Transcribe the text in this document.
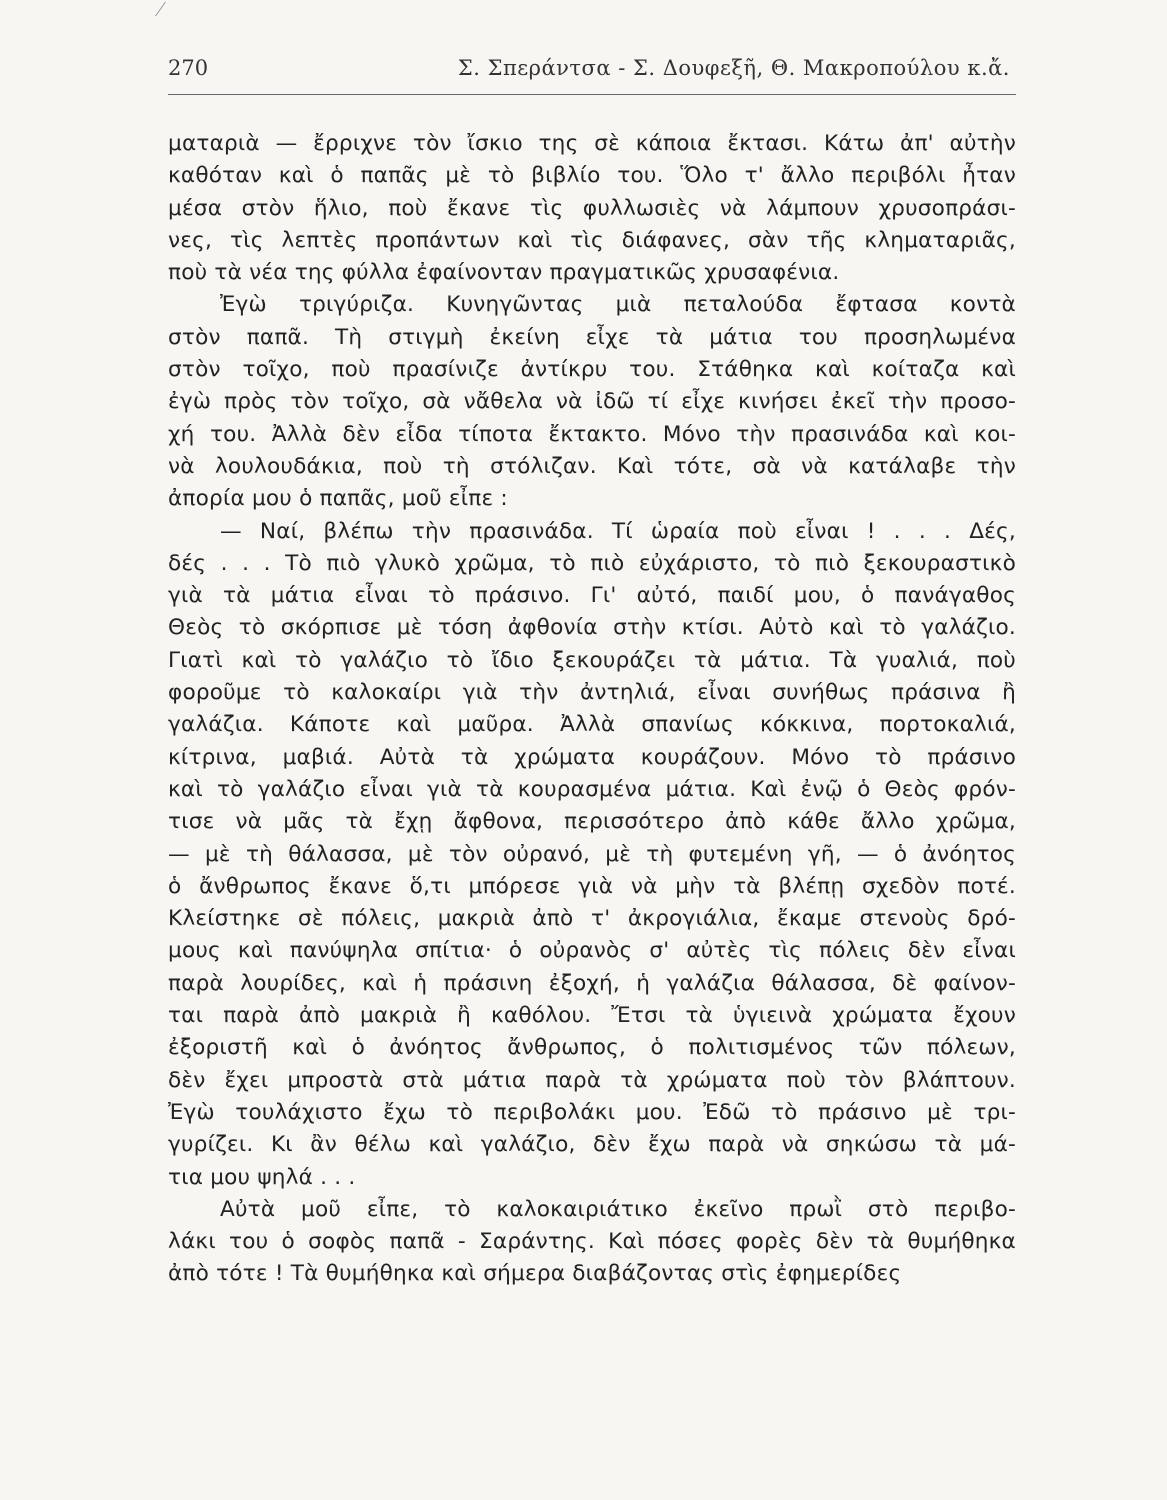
270	Σ. Σπεράντσα - Σ. Δουφεξῆ, Θ. Μακροπούλου κ.ἄ.
ματαριὰ — ἔρριχνε τὸν ἴσκιο της σὲ κάποια ἔκτασι. Κάτω ἀπ' αὐτὴν
καθόταν καὶ ὁ παπᾶς μὲ τὸ βιβλίο του. Ὅλο τ' ἄλλο περιβόλι ἦταν
μέσα στὸν ἥλιο, ποὺ ἔκανε τὶς φυλλωσιὲς νὰ λάμπουν χρυσοπράσι-
νες, τὶς λεπτὲς προπάντων καὶ τὶς διάφανες, σὰν τῆς κληματαριᾶς,
ποὺ τὰ νέα της φύλλα ἐφαίνονταν πραγματικῶς χρυσαφένια.
Ἐγὼ τριγύριζα. Κυνηγῶντας μιὰ πεταλούδα ἔφτασα κοντὰ
στὸν παπᾶ. Τὴ στιγμὴ ἐκείνη εἶχε τὰ μάτια του προσηλωμένα
στὸν τοῖχο, ποὺ πρασίνιζε ἀντίκρυ του. Στάθηκα καὶ κοίταζα καὶ
ἐγὼ πρὸς τὸν τοῖχο, σὰ νἄθελα νὰ ἰδῶ τί εἶχε κινήσει ἐκεῖ τὴν προσο-
χή του. Ἀλλὰ δὲν εἶδα τίποτα ἔκτακτο. Μόνο τὴν πρασινάδα καὶ κοι-
νὰ λουλουδάκια, ποὺ τὴ στόλιζαν. Καὶ τότε, σὰ νὰ κατάλαβε τὴν
ἀπορία μου ὁ παπᾶς, μοῦ εἶπε :
— Ναί, βλέπω τὴν πρασινάδα. Τί ὡραία ποὺ εἶναι ! . . . Δές,
δές . . . Τὸ πιὸ γλυκὸ χρῶμα, τὸ πιὸ εὐχάριστο, τὸ πιὸ ξεκουραστικὸ
γιὰ τὰ μάτια εἶναι τὸ πράσινο. Γι' αὐτό, παιδί μου, ὁ πανάγαθος
Θεὸς τὸ σκόρπισε μὲ τόση ἀφθονία στὴν κτίσι. Αὐτὸ καὶ τὸ γαλάζιο.
Γιατὶ καὶ τὸ γαλάζιο τὸ ἴδιο ξεκουράζει τὰ μάτια. Τὰ γυαλιά, ποὺ
φοροῦμε τὸ καλοκαίρι γιὰ τὴν ἀντηλιά, εἶναι συνήθως πράσινα ἢ
γαλάζια. Κάποτε καὶ μαῦρα. Ἀλλὰ σπανίως κόκκινα, πορτοκαλιά,
κίτρινα, μαβιά. Αὐτὰ τὰ χρώματα κουράζουν. Μόνο τὸ πράσινο
καὶ τὸ γαλάζιο εἶναι γιὰ τὰ κουρασμένα μάτια. Καὶ ἐνῷ ὁ Θεὸς φρόν-
τισε νὰ μᾶς τὰ ἔχῃ ἄφθονα, περισσότερο ἀπὸ κάθε ἄλλο χρῶμα,
— μὲ τὴ θάλασσα, μὲ τὸν οὐρανό, μὲ τὴ φυτεμένη γῆ, — ὁ ἀνόητος
ὁ ἄνθρωπος ἔκανε ὅ,τι μπόρεσε γιὰ νὰ μὴν τὰ βλέπῃ σχεδὸν ποτέ.
Κλείστηκε σὲ πόλεις, μακριὰ ἀπὸ τ' ἀκρογιάλια, ἔκαμε στενοὺς δρό-
μους καὶ πανύψηλα σπίτια· ὁ οὐρανὸς σ' αὐτὲς τὶς πόλεις δὲν εἶναι
παρὰ λουρίδες, καὶ ἡ πράσινη ἐξοχή, ἡ γαλάζια θάλασσα, δὲ φαίνον-
ται παρὰ ἀπὸ μακριὰ ἢ καθόλου. Ἔτσι τὰ ὑγιεινὰ χρώματα ἔχουν
ἐξοριστῆ καὶ ὁ ἀνόητος ἄνθρωπος, ὁ πολιτισμένος τῶν πόλεων,
δὲν ἔχει μπροστὰ στὰ μάτια παρὰ τὰ χρώματα ποὺ τὸν βλάπτουν.
Ἐγὼ τουλάχιστο ἔχω τὸ περιβολάκι μου. Ἐδῶ τὸ πράσινο μὲ τρι-
γυρίζει. Κι ἂν θέλω καὶ γαλάζιο, δὲν ἔχω παρὰ νὰ σηκώσω τὰ μά-
τια μου ψηλά . . .
Αὐτὰ μοῦ εἶπε, τὸ καλοκαιριάτικο ἐκεῖνο πρωῒ στὸ περιβο-
λάκι του ὁ σοφὸς παπᾶ - Σαράντης. Καὶ πόσες φορὲς δὲν τὰ θυμήθηκα
ἀπὸ τότε ! Τὰ θυμήθηκα καὶ σήμερα διαβάζοντας στὶς ἐφημερίδες
